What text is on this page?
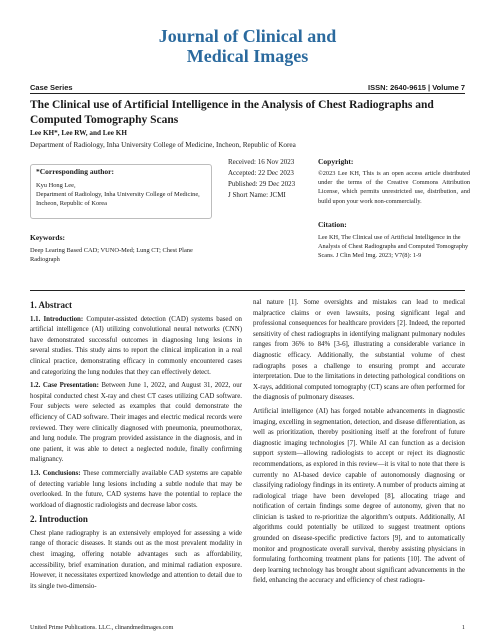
Journal of Clinical and
Medical Images
Case Series	ISSN: 2640-9615 | Volume 7
The Clinical use of Artificial Intelligence in the Analysis of Chest Radiographs and Computed Tomography Scans
Lee KH*, Lee RW, and Lee KH
Department of Radiology, Inha University College of Medicine, Incheon, Republic of Korea
*Corresponding author:
Kyu Hong Lee,
Department of Radiology, Inha University College of Medicine, Incheon, Republic of Korea
Received: 16 Nov 2023
Accepted: 22 Dec 2023
Published: 29 Dec 2023
J Short Name: JCMI
Copyright:
©2023 Lee KH, This is an open access article distributed under the terms of the Creative Commons Attribution License, which permits unrestricted use, distribution, and build upon your work non-commercially.
Citation:
Lee KH, The Clinical use of Artificial Intelligence in the Analysis of Chest Radiographs and Computed Tomography Scans. J Clin Med Img. 2023; V7(8): 1-9
Keywords:
Deep Learing Based CAD; VUNO-Med; Lung CT; Chest Plane Radiograph
1. Abstract

1.1. Introduction: Computer-assisted detection (CAD) systems based on artificial intelligence (AI) utilizing convolutional neural networks (CNN) have demonstrated successful outcomes in diagnosing lung lesions in several studies. This study aims to report the clinical implication in a real clinical practice, demonstrating efficacy in commonly encountered cases and categorizing the lung nodules that they can effectively detect.

1.2. Case Presentation: Between June 1, 2022, and August 31, 2022, our hospital conducted chest X-ray and chest CT cases utilizing CAD software. Four subjects were selected as examples that could demonstrate the efficiency of CAD software. Their images and electric medical records were reviewed. They were clinically diagnosed with pneumonia, pneumothorax, and lung nodule. The program provided assistance in the diagnosis, and in one patient, it was able to detect a neglected nodule, finally confirming malignancy.

1.3. Conclusions: These commercially available CAD systems are capable of detecting variable lung lesions including a subtle nodule that may be overlooked. In the future, CAD systems have the potential to replace the workload of diagnostic radiologists and decrease labor costs.

2. Introduction

Chest plane radiography is an extensively employed for assessing a wide range of thoracic diseases. It stands out as the most prevalent modality in chest imaging, offering notable advantages such as affordability, accessibility, brief examination duration, and minimal radiation exposure. However, it necessitates expertized knowledge and attention to detail due to its single two-dimensio-

nal nature [1]. Some oversights and mistakes can lead to medical malpractice claims or even lawsuits, posing significant legal and professional consequences for healthcare providers [2]. Indeed, the reported sensitivity of chest radiographs in identifying malignant pulmonary nodules ranges from 36% to 84% [3-6], illustrating a considerable variance in diagnostic efficacy. Additionally, the substantial volume of chest radiographs poses a challenge to ensuring prompt and accurate interpretation. Due to the limitations in detecting pathological conditions on X-rays, additional computed tomography (CT) scans are often performed for the diagnosis of pulmonary diseases.

Artificial intelligence (AI) has forged notable advancements in diagnostic imaging, excelling in segmentation, detection, and disease differentiation, as well as prioritization, thereby positioning itself at the forefront of future diagnostic imaging technologies [7]. While AI can function as a decision support system—allowing radiologists to accept or reject its diagnostic recommendations, as explored in this review—it is vital to note that there is currently no AI-based device capable of autonomously diagnosing or classifying radiology findings in its entirety. A number of products aiming at radiological triage have been developed [8], allocating triage and notification of certain findings some degree of autonomy, given that no clinician is tasked to re-prioritize the algorithm’s outputs. Additionally, AI algorithms could potentially be utilized to suggest treatment options grounded on disease-specific predictive factors [9], and to automatically monitor and prognosticate overall survival, thereby assisting physicians in formulating forthcoming treatment plans for patients [10]. The advent of deep learning technology has brought about significant advancements in the field, enhancing the accuracy and efficiency of chest radiogra-

United Prime Publications. LLC., clinandmedimages.com	1
